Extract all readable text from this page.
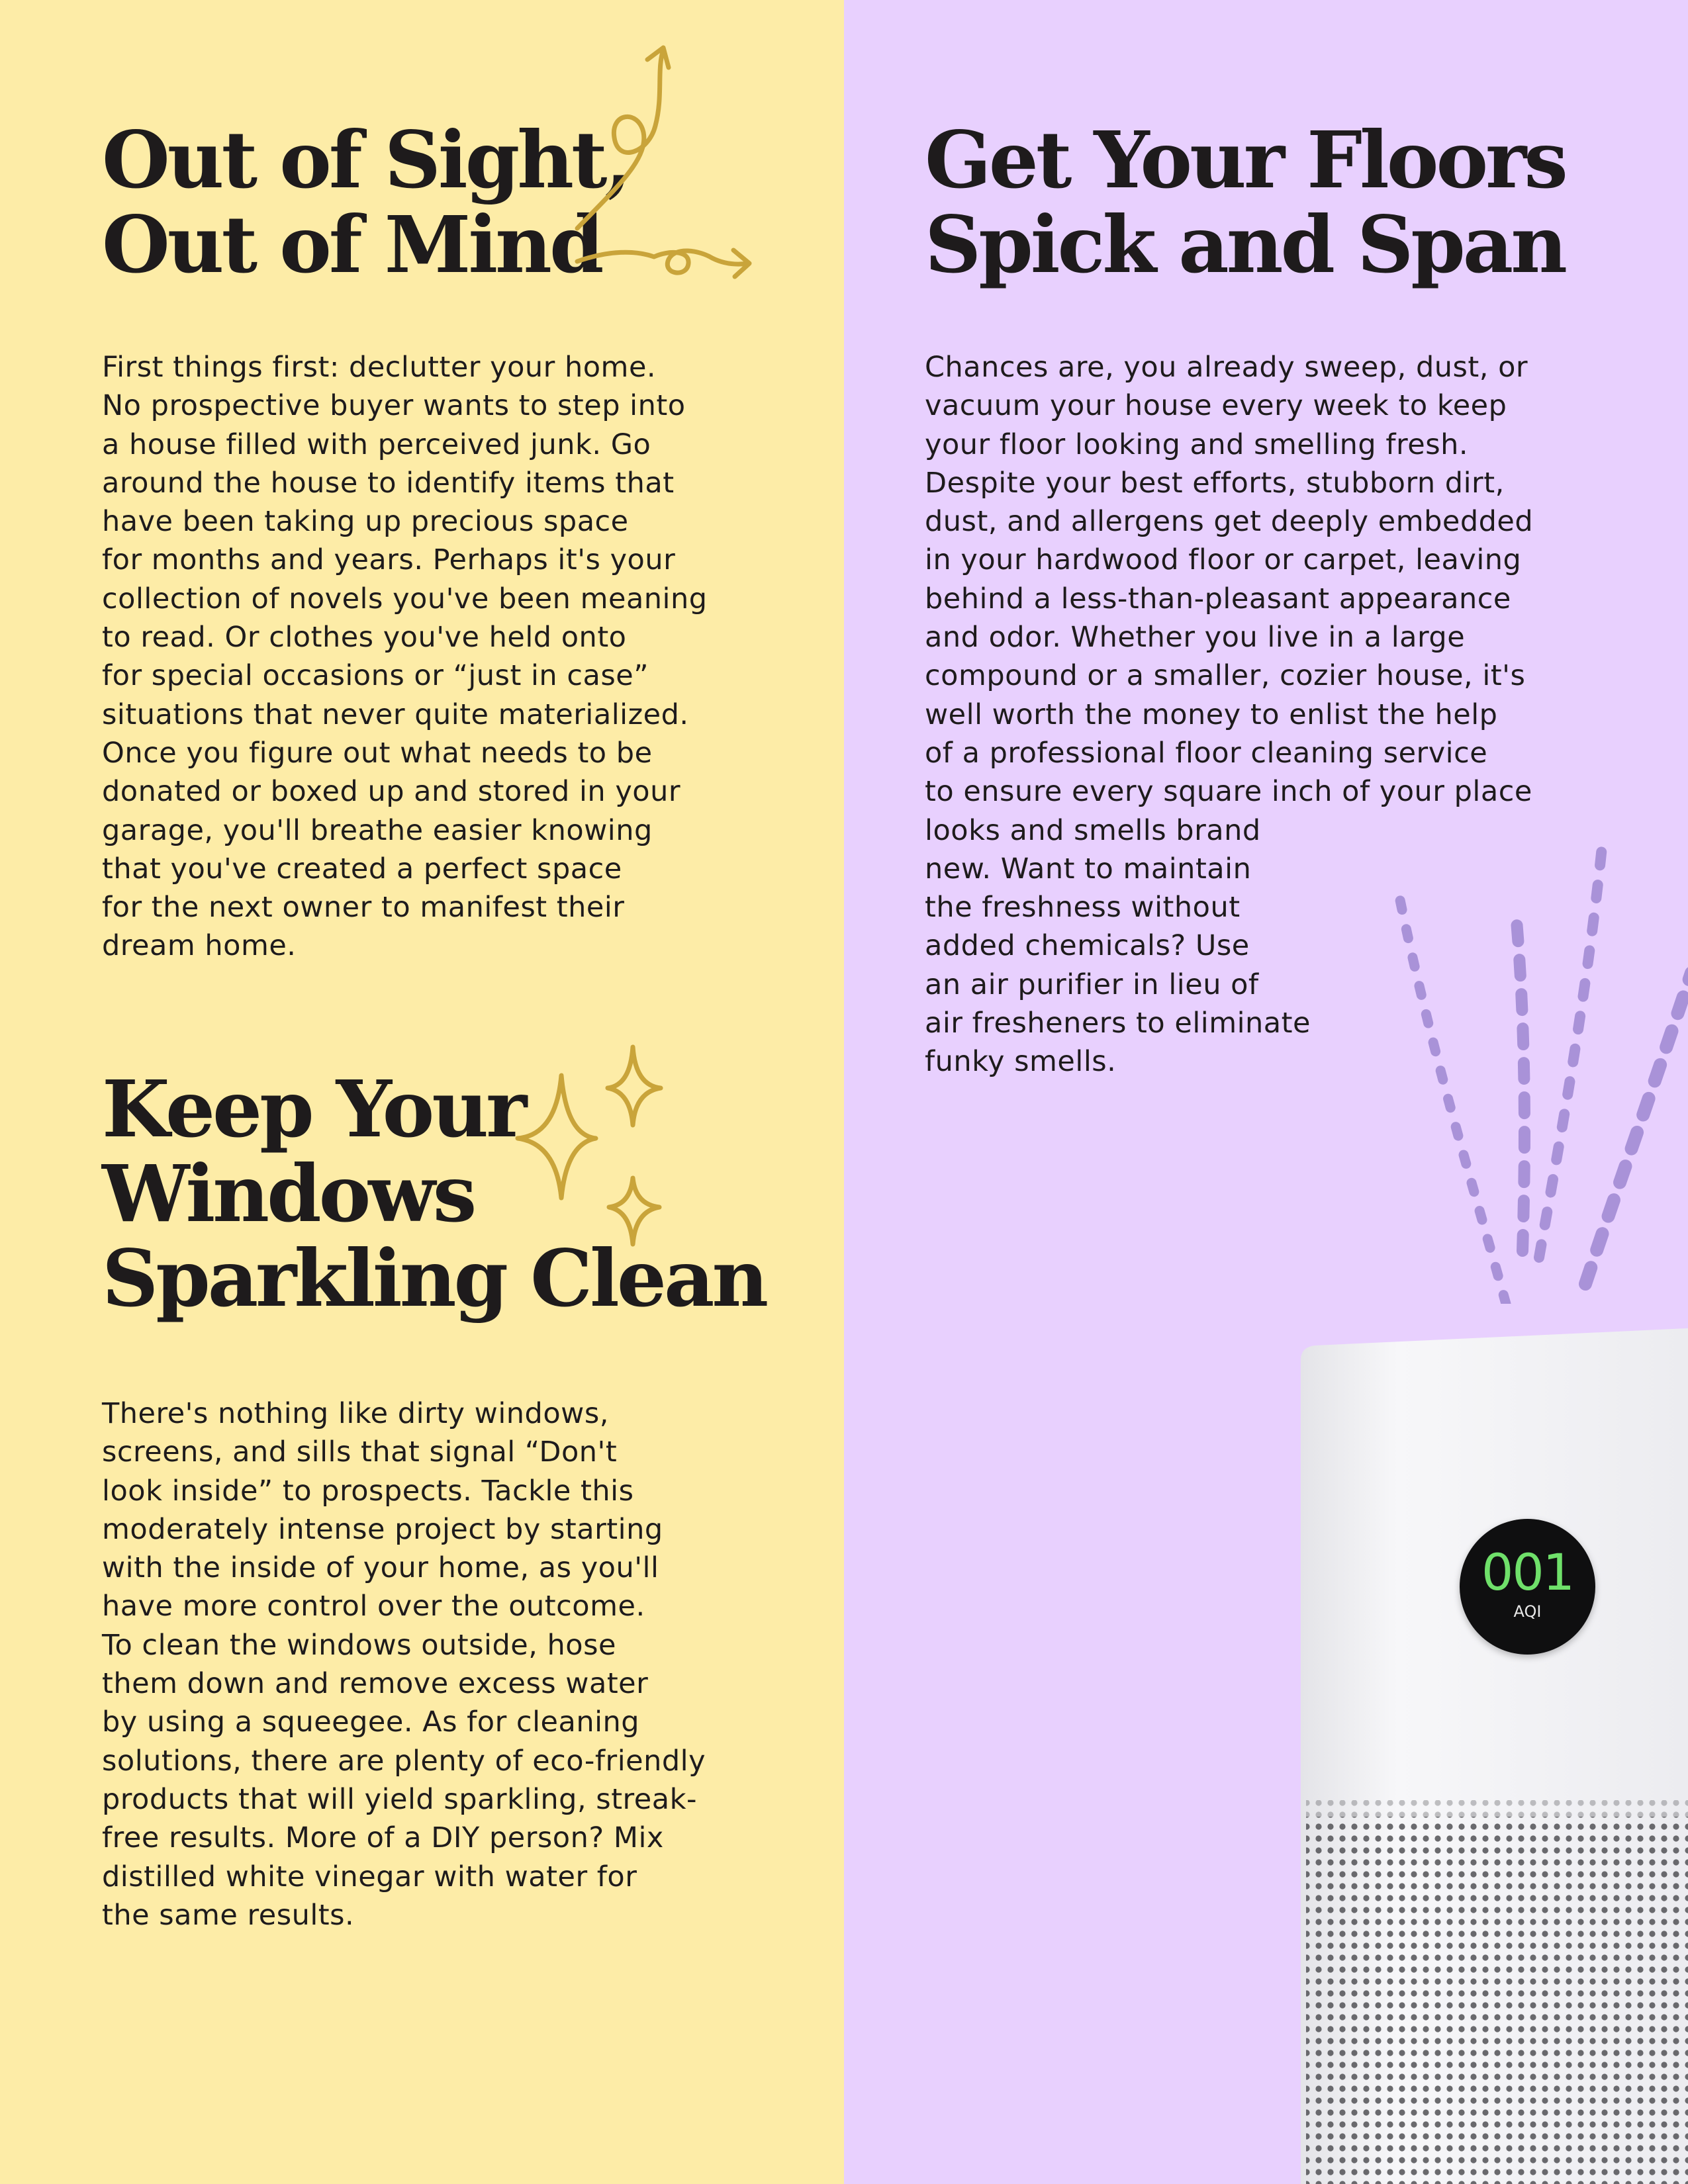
Out of Sight,
Out of Mind

First things first: declutter your home.
No prospective buyer wants to step into
a house filled with perceived junk. Go
around the house to identify items that
have been taking up precious space
for months and years. Perhaps it's your
collection of novels you've been meaning
to read. Or clothes you've held onto
for special occasions or “just in case”
situations that never quite materialized.
Once you figure out what needs to be
donated or boxed up and stored in your
garage, you'll breathe easier knowing
that you've created a perfect space
for the next owner to manifest their
dream home.

Keep Your
Windows
Sparkling Clean

There's nothing like dirty windows,
screens, and sills that signal “Don't
look inside” to prospects. Tackle this
moderately intense project by starting
with the inside of your home, as you'll
have more control over the outcome.
To clean the windows outside, hose
them down and remove excess water
by using a squeegee. As for cleaning
solutions, there are plenty of eco-friendly
products that will yield sparkling, streak-
free results. More of a DIY person? Mix
distilled white vinegar with water for
the same results.

Get Your Floors
Spick and Span

Chances are, you already sweep, dust, or
vacuum your house every week to keep
your floor looking and smelling fresh.
Despite your best efforts, stubborn dirt,
dust, and allergens get deeply embedded
in your hardwood floor or carpet, leaving
behind a less-than-pleasant appearance
and odor. Whether you live in a large
compound or a smaller, cozier house, it's
well worth the money to enlist the help
of a professional floor cleaning service
to ensure every square inch of your place
looks and smells brand
new. Want to maintain
the freshness without
added chemicals? Use
an air purifier in lieu of
air fresheners to eliminate
funky smells.

001
AQI
